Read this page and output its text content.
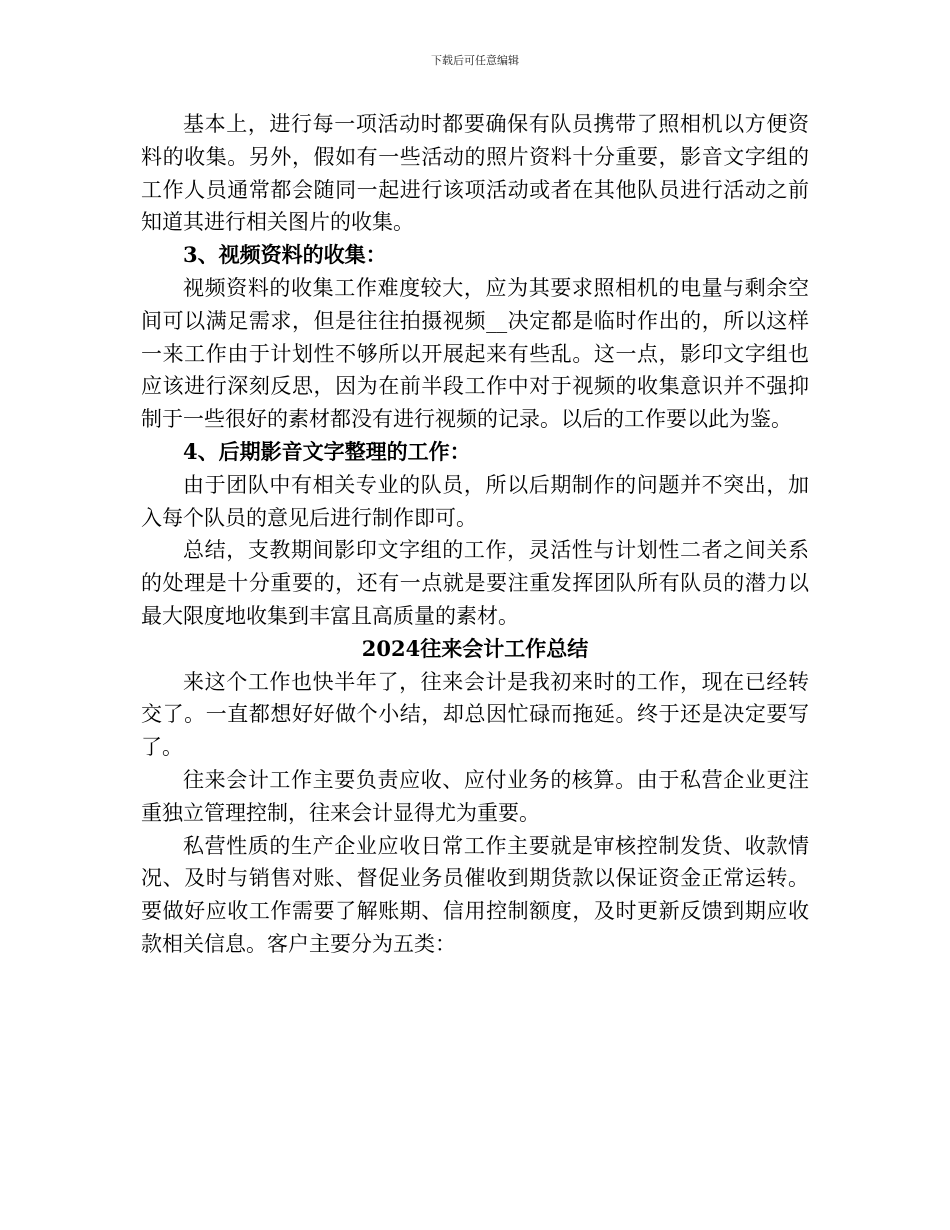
下载后可任意编辑

基本上，进行每一项活动时都要确保有队员携带了照相机以方便资料的收集。另外，假如有一些活动的照片资料十分重要，影音文字组的工作人员通常都会随同一起进行该项活动或者在其他队员进行活动之前知道其进行相关图片的收集。

3、视频资料的收集：

视频资料的收集工作难度较大，应为其要求照相机的电量与剩余空间可以满足需求，但是往往拍摄视频__决定都是临时作出的，所以这样一来工作由于计划性不够所以开展起来有些乱。这一点，影印文字组也应该进行深刻反思，因为在前半段工作中对于视频的收集意识并不强抑制于一些很好的素材都没有进行视频的记录。以后的工作要以此为鉴。

4、后期影音文字整理的工作：

由于团队中有相关专业的队员，所以后期制作的问题并不突出，加入每个队员的意见后进行制作即可。

总结，支教期间影印文字组的工作，灵活性与计划性二者之间关系的处理是十分重要的，还有一点就是要注重发挥团队所有队员的潜力以最大限度地收集到丰富且高质量的素材。

2024往来会计工作总结

来这个工作也快半年了，往来会计是我初来时的工作，现在已经转交了。一直都想好好做个小结，却总因忙碌而拖延。终于还是决定要写了。

往来会计工作主要负责应收、应付业务的核算。由于私营企业更注重独立管理控制，往来会计显得尤为重要。

私营性质的生产企业应收日常工作主要就是审核控制发货、收款情况、及时与销售对账、督促业务员催收到期货款以保证资金正常运转。要做好应收工作需要了解账期、信用控制额度，及时更新反馈到期应收款相关信息。客户主要分为五类：
